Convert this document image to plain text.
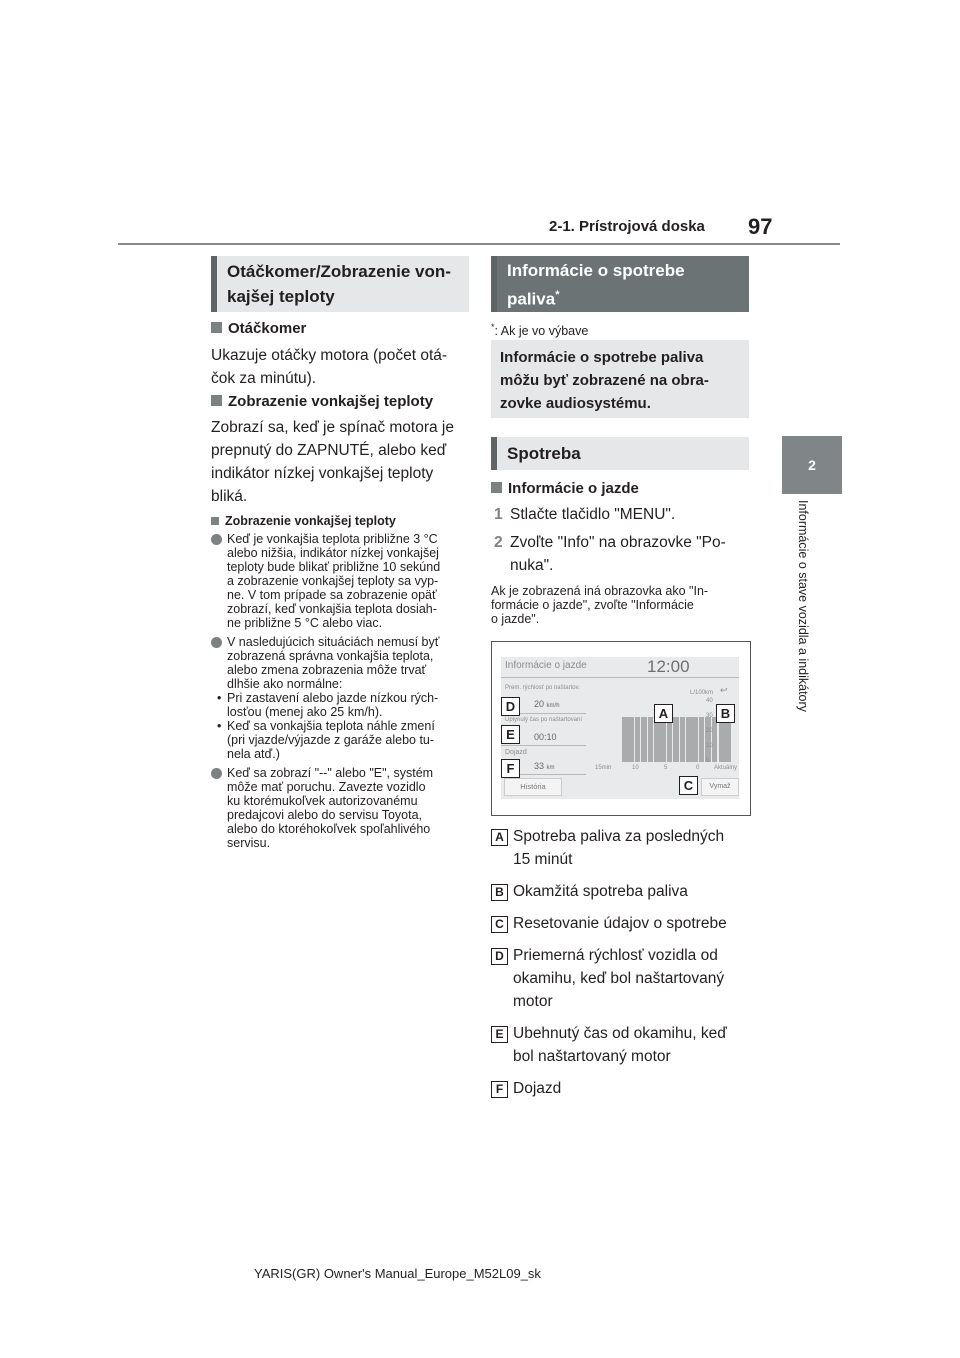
2-1. Prístrojová doska 97
2
Informácie o stave vozidla a indikátory
Otáčkomer/Zobrazenie von-
kajšej teploty
Otáčkomer
Ukazuje otáčky motora (počet otá-
čok za minútu).
Zobrazenie vonkajšej teploty
Zobrazí sa, keď je spínač motora je
prepnutý do ZAPNUTÉ, alebo keď
indikátor nízkej vonkajšej teploty
bliká.
Zobrazenie vonkajšej teploty
Keď je vonkajšia teplota približne 3 °C
alebo nižšia, indikátor nízkej vonkajšej
teploty bude blikať približne 10 sekúnd
a zobrazenie vonkajšej teploty sa vyp-
ne. V tom prípade sa zobrazenie opäť
zobrazí, keď vonkajšia teplota dosiah-
ne približne 5 °C alebo viac.
V nasledujúcich situáciách nemusí byť
zobrazená správna vonkajšia teplota,
alebo zmena zobrazenia môže trvať
dlhšie ako normálne:
• Pri zastavení alebo jazde nízkou rých-
losťou (menej ako 25 km/h).
• Keď sa vonkajšia teplota náhle zmení
(pri vjazde/výjazde z garáže alebo tu-
nela atď.)
Keď sa zobrazí "--" alebo "E", systém
môže mať poruchu. Zavezte vozidlo
ku ktorémukoľvek autorizovanému
predajcovi alebo do servisu Toyota,
alebo do ktoréhokoľvek spoľahlivého
servisu.
Informácie o spotrebe
paliva*
*: Ak je vo výbave
Informácie o spotrebe paliva
môžu byť zobrazené na obra-
zovke audiosystému.
Spotreba
Informácie o jazde
1 Stlačte tlačidlo "MENU".
2 Zvoľte "Info" na obrazovke "Po-
nuka".
Ak je zobrazená iná obrazovka ako "In-
formácie o jazde", zvoľte "Informácie
o jazde".
Informácie o jazde	12:00
Prem. rýchlosť po naštartov.
20 km/h
Uplynulý čas po naštartovaní
00:10
Dojazd
33 km
História	Vymaž
L/100km ↩
40
30
20
10
0
15min	10	5	0 Aktuálny
D
E
F
A	B
C
A Spotreba paliva za posledných
15 minút
B Okamžitá spotreba paliva
C Resetovanie údajov o spotrebe
D Priemerná rýchlosť vozidla od
okamihu, keď bol naštartovaný
motor
E Ubehnutý čas od okamihu, keď
bol naštartovaný motor
F Dojazd
YARIS(GR) Owner's Manual_Europe_M52L09_sk
